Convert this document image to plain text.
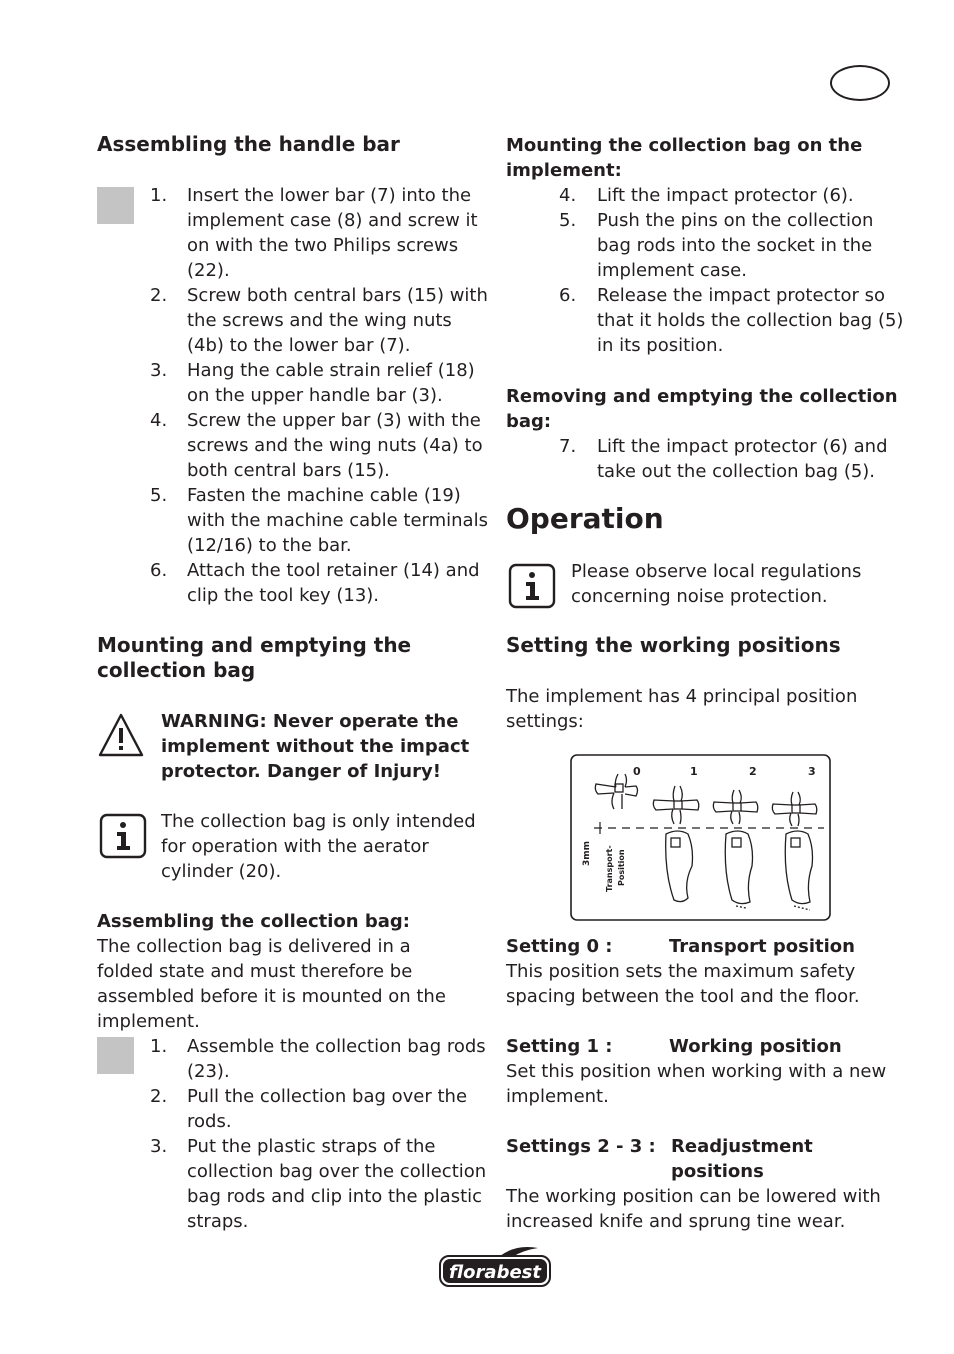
Assembling the handle bar
1. Insert the lower bar (7) into the implement case (8) and screw it on with the two Philips screws (22).
2. Screw both central bars (15) with the screws and the wing nuts (4b) to the lower bar (7).
3. Hang the cable strain relief (18) on the upper handle bar (3).
4. Screw the upper bar (3) with the screws and the wing nuts (4a) to both central bars (15).
5. Fasten the machine cable (19) with the machine cable terminals (12/16) to the bar.
6. Attach the tool retainer (14) and clip the tool key (13).
Mounting and emptying the
collection bag

WARNING: Never operate the implement without the impact protector. Danger of Injury!

The collection bag is only intended for operation with the aerator cylinder (20).

Assembling the collection bag:

The collection bag is delivered in a folded state and must therefore be assembled before it is mounted on the implement.

1. Assemble the collection bag rods (23).
2. Pull the collection bag over the rods.
3. Put the plastic straps of the collection bag over the collection bag rods and clip into the plastic straps.
Mounting the collection bag on the implement:
4. Lift the impact protector (6).
5. Push the pins on the collection bag rods into the socket in the implement case.
6. Release the impact protector so that it holds the collection bag (5) in its position.
Removing and emptying the collection bag:
7. Lift the impact protector (6) and take out the collection bag (5).
Operation

Please observe local regulations concerning noise protection.

Setting the working positions

The implement has 4 principal position settings:

0	1	2	3
3mm Transport- Position
Setting 0 :	Transport position

This position sets the maximum safety spacing between the tool and the floor.

Setting 1 :	Working position

Set this position when working with a new implement.

Settings 2 - 3 : Readjustment positions

The working position can be lowered with increased knife and sprung tine wear.

florabest
